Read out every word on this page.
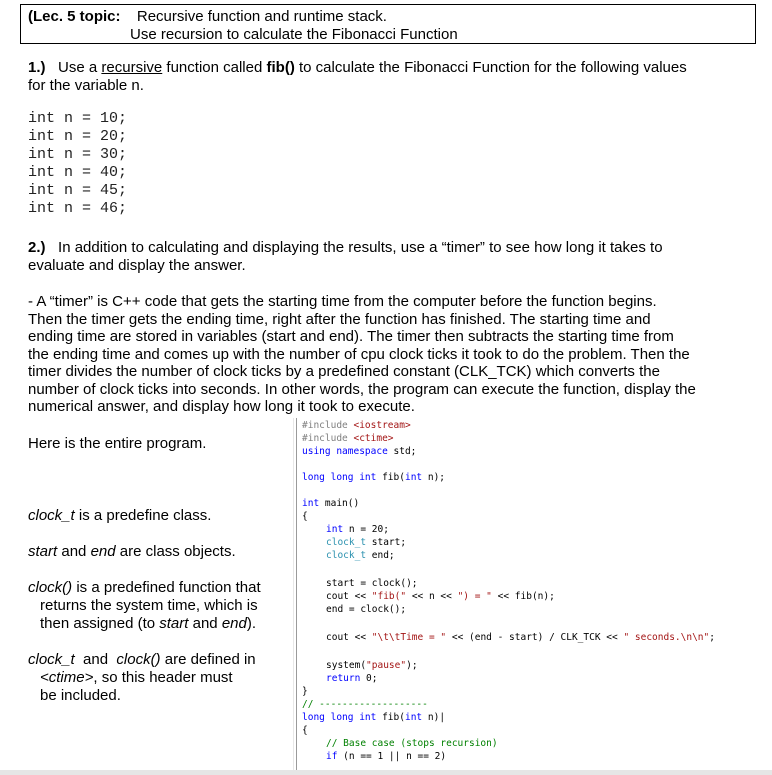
(Lec. 5 topic: Recursive function and runtime stack.
Use recursion to calculate the Fibonacci Function
1.) Use a recursive function called fib() to calculate the Fibonacci Function for the following values
for the variable n.
int n = 10;
int n = 20;
int n = 30;
int n = 40;
int n = 45;
int n = 46;
2.) In addition to calculating and displaying the results, use a “timer” to see how long it takes to
evaluate and display the answer.
- A “timer” is C++ code that gets the starting time from the computer before the function begins.
Then the timer gets the ending time, right after the function has finished. The starting time and
ending time are stored in variables (start and end). The timer then subtracts the starting time from
the ending time and comes up with the number of cpu clock ticks it took to do the problem. Then the
timer divides the number of clock ticks by a predefined constant (CLK_TCK) which converts the
number of clock ticks into seconds. In other words, the program can execute the function, display the
numerical answer, and display how long it took to execute.
Here is the entire program.
clock_t is a predefine class.
start and end are class objects.
clock() is a predefined function that
returns the system time, which is
then assigned (to start and end).
clock_t  and  clock() are defined in
<ctime>, so this header must
be included.
#include <iostream>
#include <ctime>
using namespace std;
long long int fib(int n);
int main()
{
int n = 20;
clock_t start;
clock_t end;
start = clock();
cout << "fib(" << n << ") = " << fib(n);
end = clock();
cout << "\t\tTime = " << (end - start) / CLK_TCK << " seconds.\n\n";
system("pause");
return 0;
}
// -------------------
long long int fib(int n)|
{
// Base case (stops recursion)
if (n == 1 || n == 2)
